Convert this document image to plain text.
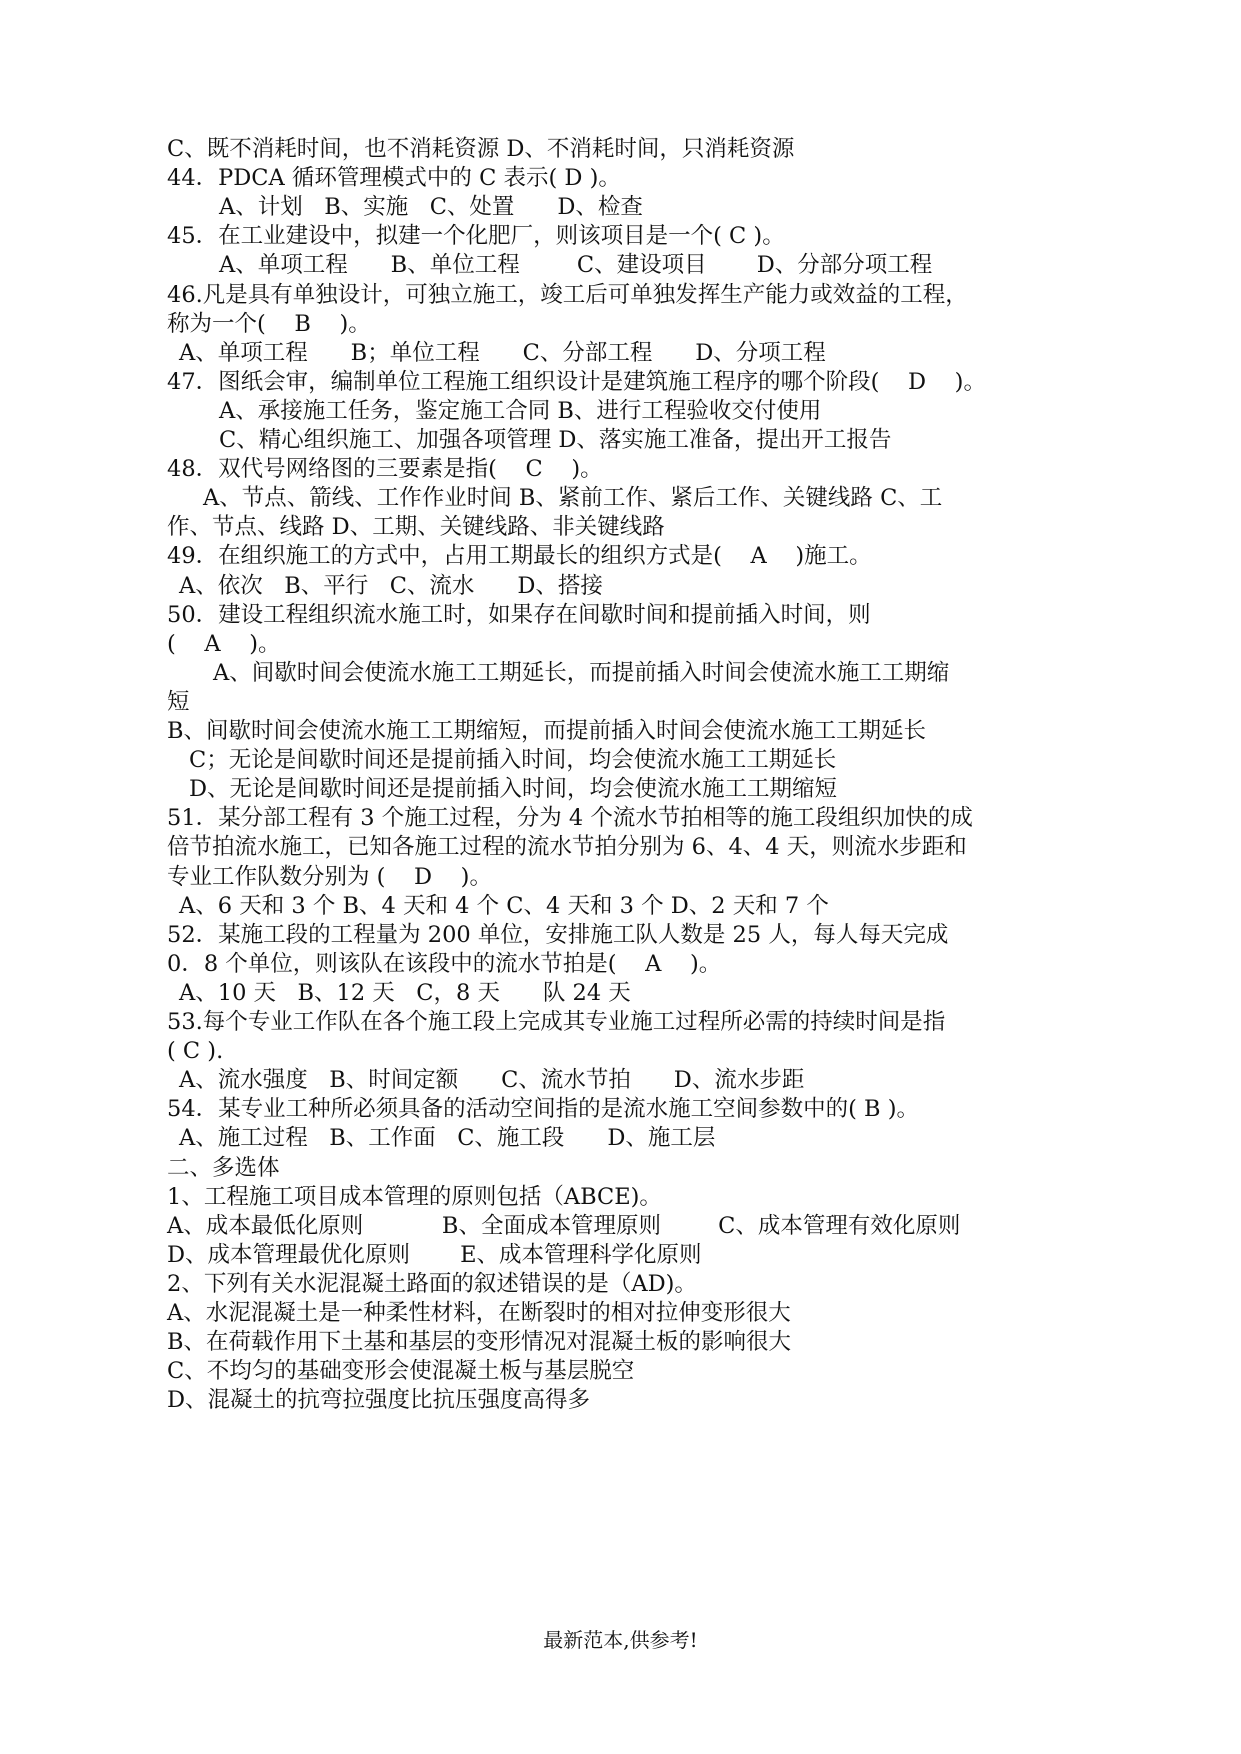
C、既不消耗时间，也不消耗资源 D、不消耗时间，只消耗资源
44．PDCA 循环管理模式中的 C 表示( D )。
A、计划   B、实施   C、处置      D、检查
45．在工业建设中，拟建一个化肥厂，则该项目是一个( C )。
A、单项工程      B、单位工程        C、建设项目       D、分部分项工程
46.凡是具有单独设计，可独立施工，竣工后可单独发挥生产能力或效益的工程，
称为一个(    B    )。
A、单项工程      B；单位工程      C、分部工程      D、分项工程
47．图纸会审，编制单位工程施工组织设计是建筑施工程序的哪个阶段(    D    )。
A、承接施工任务，鉴定施工合同 B、进行工程验收交付使用
C、精心组织施工、加强各项管理 D、落实施工准备，提出开工报告
48．双代号网络图的三要素是指(    C    )。
A、节点、箭线、工作作业时间 B、紧前工作、紧后工作、关键线路 C、工
作、节点、线路 D、工期、关键线路、非关键线路
49．在组织施工的方式中，占用工期最长的组织方式是(    A    )施工。
A、依次   B、平行   C、流水      D、搭接
50．建设工程组织流水施工时，如果存在间歇时间和提前插入时间，则
(    A    )。
A、间歇时间会使流水施工工期延长，而提前插入时间会使流水施工工期缩
短
B、间歇时间会使流水施工工期缩短，而提前插入时间会使流水施工工期延长
C；无论是间歇时间还是提前插入时间，均会使流水施工工期延长
D、无论是间歇时间还是提前插入时间，均会使流水施工工期缩短
51．某分部工程有 3 个施工过程，分为 4 个流水节拍相等的施工段组织加快的成
倍节拍流水施工，已知各施工过程的流水节拍分别为 6、4、4 天，则流水步距和
专业工作队数分别为 (    D    )。
A、6 天和 3 个 B、4 天和 4 个 C、4 天和 3 个 D、2 天和 7 个
52．某施工段的工程量为 200 单位，安排施工队人数是 25 人，每人每天完成
0．8 个单位，则该队在该段中的流水节拍是(    A    )。
A、10 天   B、12 天   C，8 天      队 24 天
53.每个专业工作队在各个施工段上完成其专业施工过程所必需的持续时间是指
( C ).
A、流水强度   B、时间定额      C、流水节拍      D、流水步距
54．某专业工种所必须具备的活动空间指的是流水施工空间参数中的( B )。
A、施工过程   B、工作面   C、施工段      D、施工层
二、多选体
1、工程施工项目成本管理的原则包括（ABCE)。
A、成本最低化原则           B、全面成本管理原则        C、成本管理有效化原则
D、成本管理最优化原则       E、成本管理科学化原则
2、下列有关水泥混凝土路面的叙述错误的是（AD)。
A、水泥混凝土是一种柔性材料，在断裂时的相对拉伸变形很大
B、在荷载作用下土基和基层的变形情况对混凝土板的影响很大
C、不均匀的基础变形会使混凝土板与基层脱空
D、混凝土的抗弯拉强度比抗压强度高得多
最新范本,供参考!
